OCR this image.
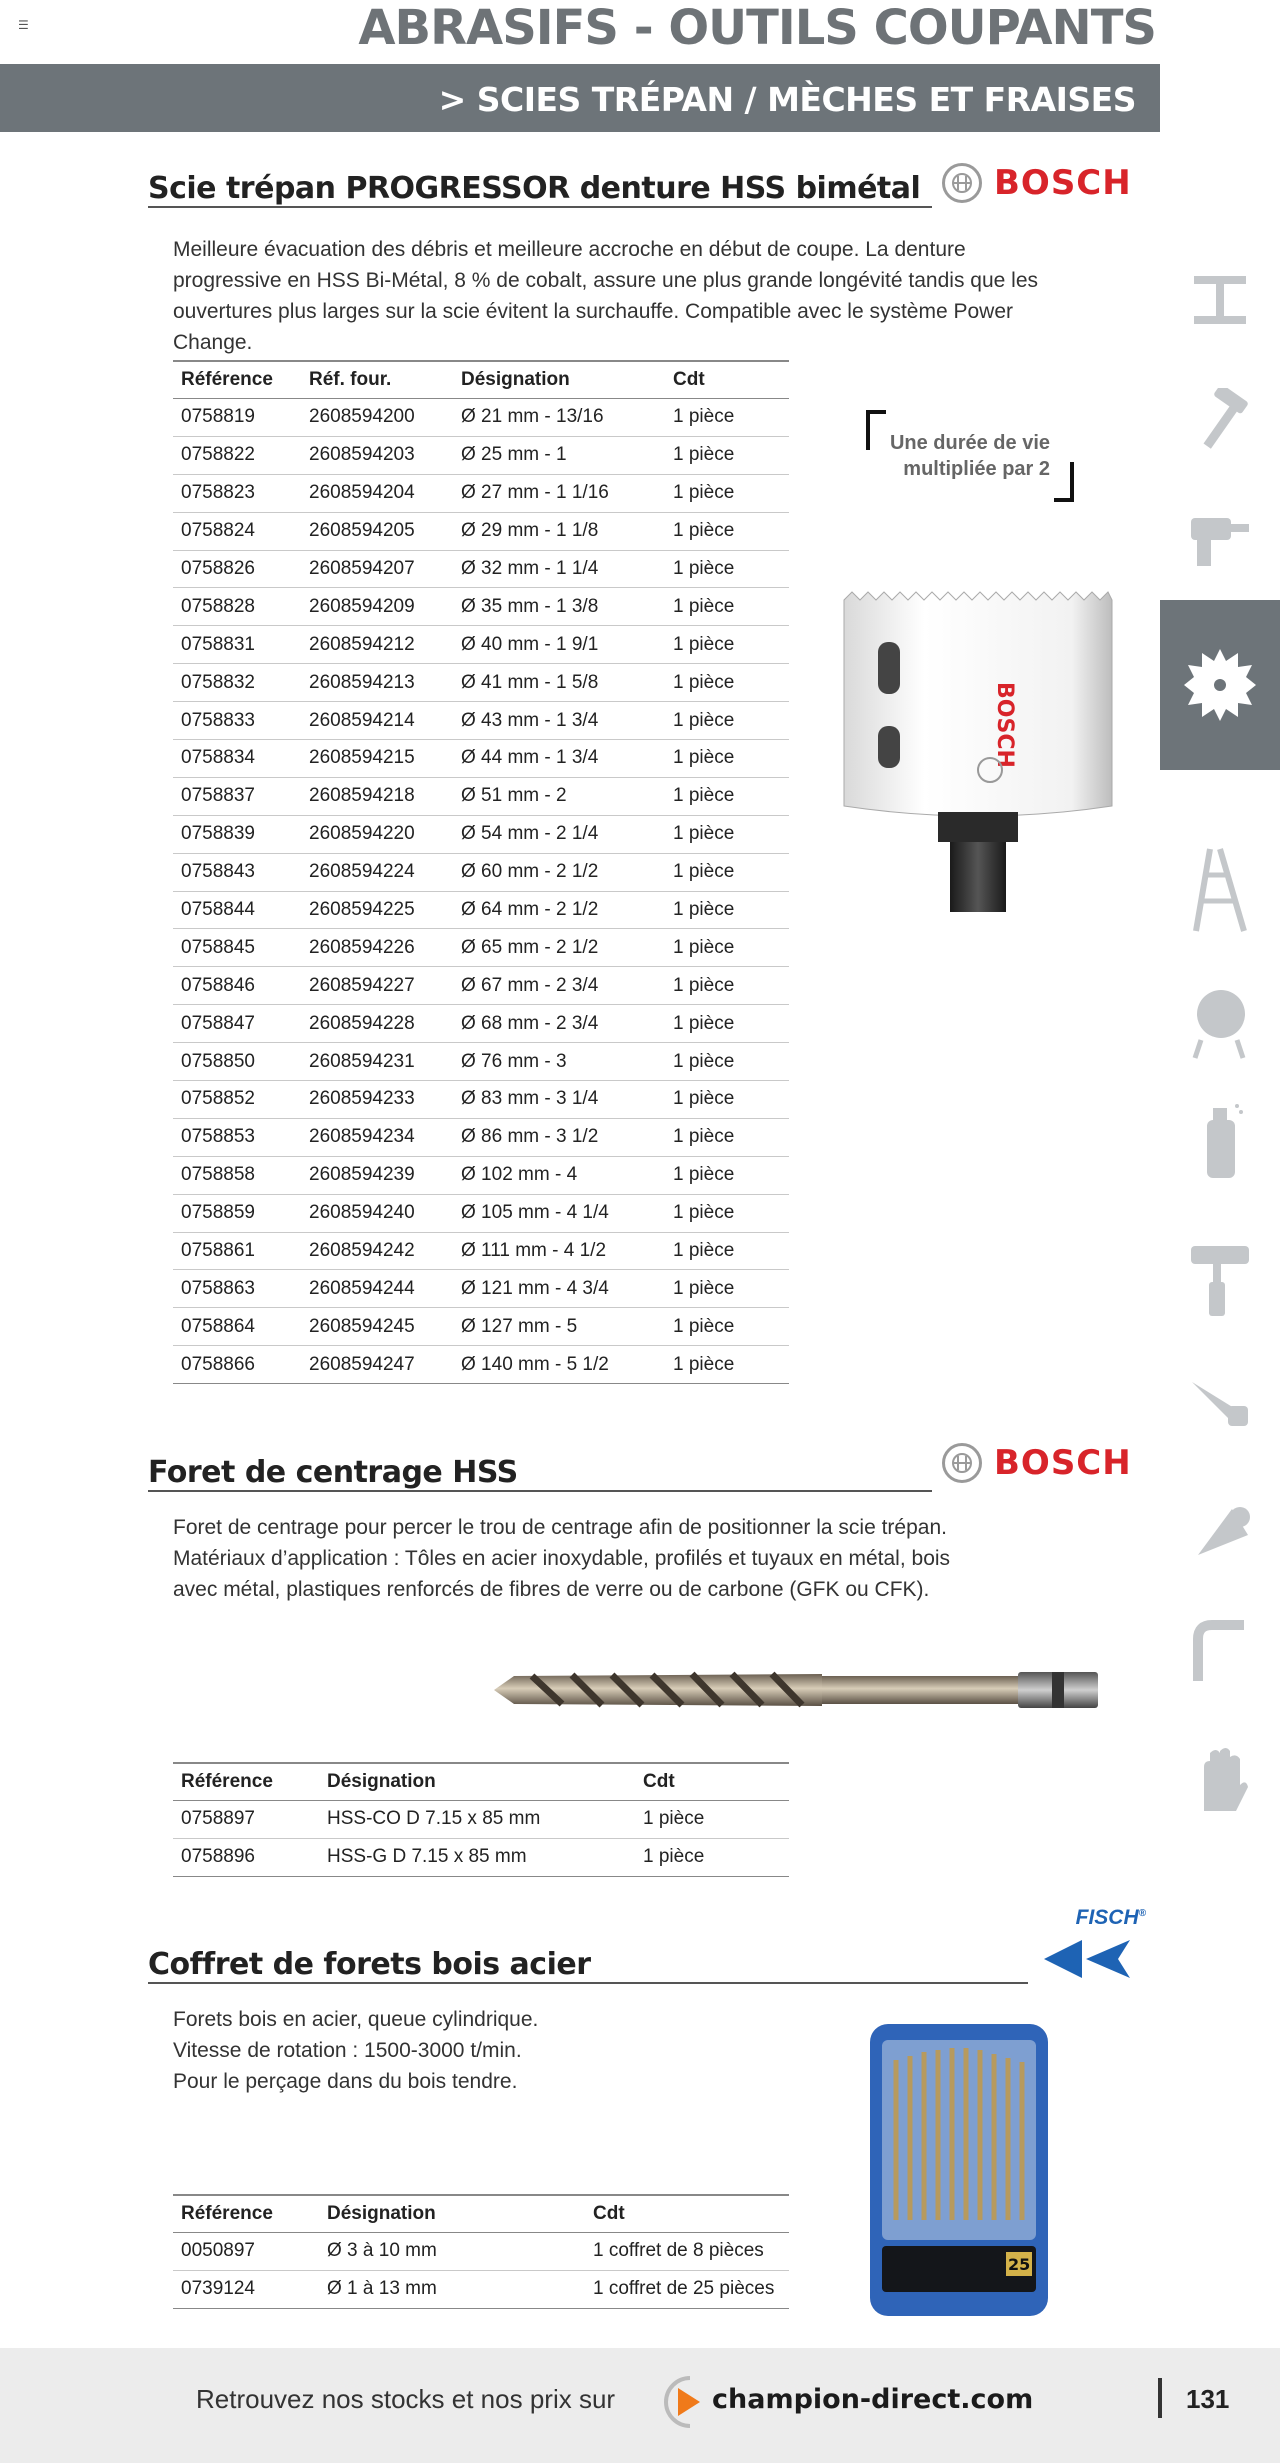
☰	ABRASIFS - OUTILS COUPANTS
> SCIES TRÉPAN / MÈCHES ET FRAISES
Scie trépan PROGRESSOR denture HSS bimétal BOSCH
Meilleure évacuation des débris et meilleure accroche en début de coupe. La denture progressive en HSS Bi-Métal, 8 % de cobalt, assure une plus grande longévité tandis que les ouvertures plus larges sur la scie évitent la surchauffe. Compatible avec le système Power Change.
Référence	Réf. four.	Désignation	Cdt
0758819	2608594200	Ø 21 mm - 13/16	1 pièce
0758822	2608594203	Ø 25 mm - 1	1 pièce
0758823	2608594204	Ø 27 mm - 1 1/16	1 pièce
0758824	2608594205	Ø 29 mm - 1 1/8	1 pièce
0758826	2608594207	Ø 32 mm - 1 1/4	1 pièce
0758828	2608594209	Ø 35 mm - 1 3/8	1 pièce
0758831	2608594212	Ø 40 mm - 1 9/1	1 pièce
0758832	2608594213	Ø 41 mm - 1 5/8	1 pièce
0758833	2608594214	Ø 43 mm - 1 3/4	1 pièce
0758834	2608594215	Ø 44 mm - 1 3/4	1 pièce
0758837	2608594218	Ø 51 mm - 2	1 pièce
0758839	2608594220	Ø 54 mm - 2 1/4	1 pièce
0758843	2608594224	Ø 60 mm - 2 1/2	1 pièce
0758844	2608594225	Ø 64 mm - 2 1/2	1 pièce
0758845	2608594226	Ø 65 mm - 2 1/2	1 pièce
0758846	2608594227	Ø 67 mm - 2 3/4	1 pièce
0758847	2608594228	Ø 68 mm - 2 3/4	1 pièce
0758850	2608594231	Ø 76 mm - 3	1 pièce
0758852	2608594233	Ø 83 mm - 3 1/4	1 pièce
0758853	2608594234	Ø 86 mm - 3 1/2	1 pièce
0758858	2608594239	Ø 102 mm - 4	1 pièce
0758859	2608594240	Ø 105 mm - 4 1/4	1 pièce
0758861	2608594242	Ø 111 mm - 4 1/2	1 pièce
0758863	2608594244	Ø 121 mm - 4 3/4	1 pièce
0758864	2608594245	Ø 127 mm - 5	1 pièce
0758866	2608594247	Ø 140 mm - 5 1/2	1 pièce
Une durée de vie
multipliée par 2
BOSCH
Foret de centrage HSS	BOSCH
Foret de centrage pour percer le trou de centrage afin de positionner la scie trépan. Matériaux d’application : Tôles en acier inoxydable, profilés et tuyaux en métal, bois avec métal, plastiques renforcés de fibres de verre ou de carbone (GFK ou CFK).
Référence	Désignation	Cdt
0758897	HSS-CO D 7.15 x 85 mm	1 pièce
0758896	HSS-G D 7.15 x 85 mm	1 pièce
Coffret de forets bois acier
FISCH®
Forets bois en acier, queue cylindrique.
Vitesse de rotation : 1500-3000 t/min.
Pour le perçage dans du bois tendre.
Référence	Désignation	Cdt
0050897	Ø 3 à 10 mm	1 coffret de 8 pièces
0739124	Ø 1 à 13 mm	1 coffret de 25 pièces
25
Retrouvez nos stocks et nos prix sur	champion-direct.com	131
